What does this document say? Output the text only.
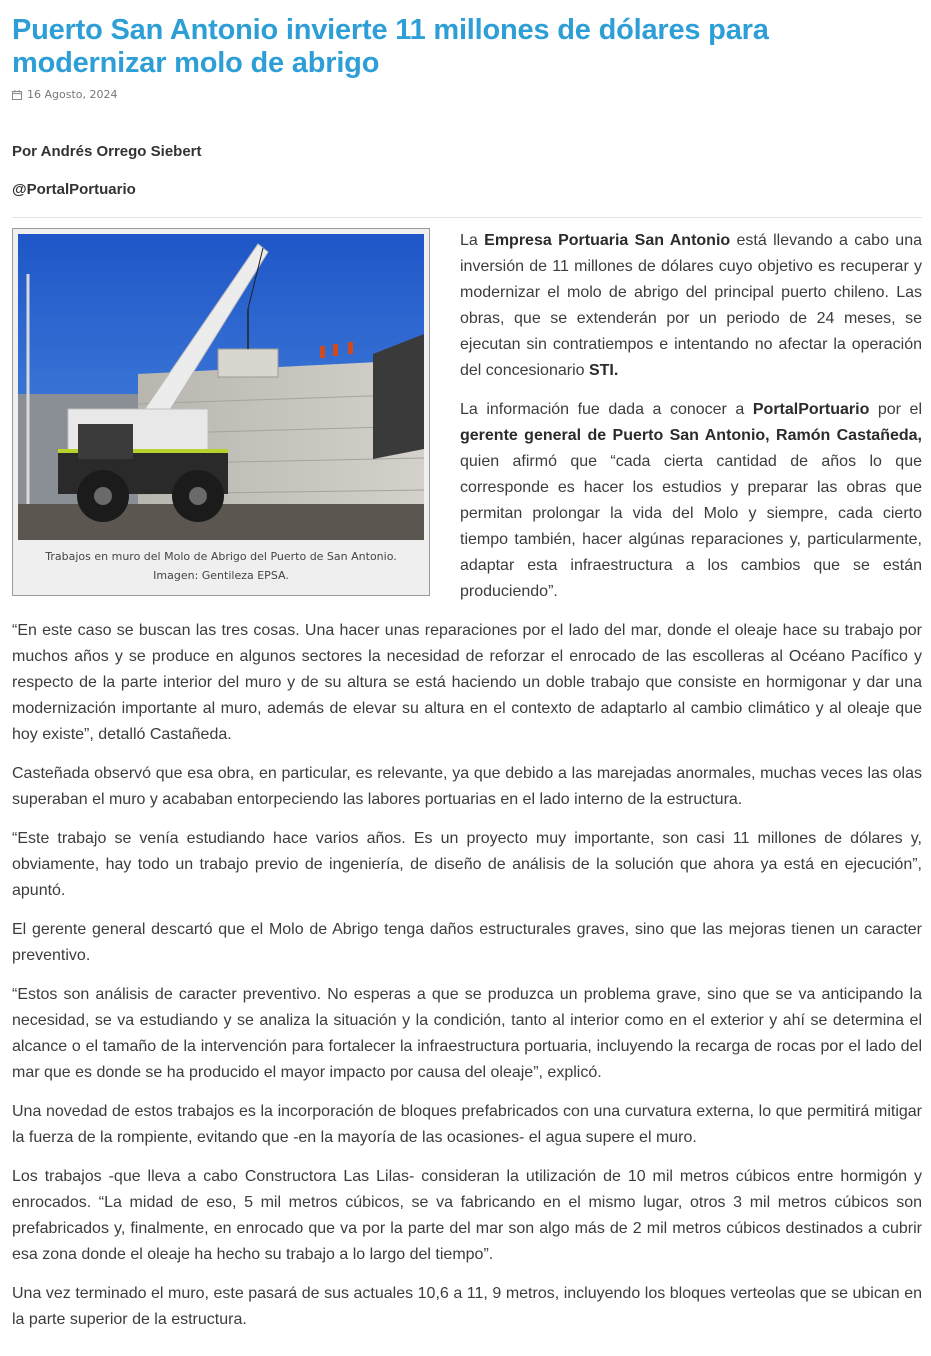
Puerto San Antonio invierte 11 millones de dólares para modernizar molo de abrigo
16 Agosto, 2024

Por Andrés Orrego Siebert

@PortalPortuario

Trabajos en muro del Molo de Abrigo del Puerto de San Antonio. Imagen: Gentileza EPSA.

La Empresa Portuaria San Antonio está llevando a cabo una inversión de 11 millones de dólares cuyo objetivo es recuperar y modernizar el molo de abrigo del principal puerto chileno. Las obras, que se extenderán por un periodo de 24 meses, se ejecutan sin contratiempos e intentando no afectar la operación del concesionario STI.

La información fue dada a conocer a PortalPortuario por el gerente general de Puerto San Antonio, Ramón Castañeda, quien afirmó que “cada cierta cantidad de años lo que corresponde es hacer los estudios y preparar las obras que permitan prolongar la vida del Molo y siempre, cada cierto tiempo también, hacer algúnas reparaciones y, particularmente, adaptar esta infraestructura a los cambios que se están produciendo”.

“En este caso se buscan las tres cosas. Una hacer unas reparaciones por el lado del mar, donde el oleaje hace su trabajo por muchos años y se produce en algunos sectores la necesidad de reforzar el enrocado de las escolleras al Océano Pacífico y respecto de la parte interior del muro y de su altura se está haciendo un doble trabajo que consiste en hormigonar y dar una modernización importante al muro, además de elevar su altura en el contexto de adaptarlo al cambio climático y al oleaje que hoy existe”, detalló Castañeda.

Casteñada observó que esa obra, en particular, es relevante, ya que debido a las marejadas anormales, muchas veces las olas superaban el muro y acababan entorpeciendo las labores portuarias en el lado interno de la estructura.

“Este trabajo se venía estudiando hace varios años. Es un proyecto muy importante, son casi 11 millones de dólares y, obviamente, hay todo un trabajo previo de ingeniería, de diseño de análisis de la solución que ahora ya está en ejecución”, apuntó.

El gerente general descartó que el Molo de Abrigo tenga daños estructurales graves, sino que las mejoras tienen un caracter preventivo.

“Estos son análisis de caracter preventivo. No esperas a que se produzca un problema grave, sino que se va anticipando la necesidad, se va estudiando y se analiza la situación y la condición, tanto al interior como en el exterior y ahí se determina el alcance o el tamaño de la intervención para fortalecer la infraestructura portuaria, incluyendo la recarga de rocas por el lado del mar que es donde se ha producido el mayor impacto por causa del oleaje”, explicó.

Una novedad de estos trabajos es la incorporación de bloques prefabricados con una curvatura externa, lo que permitirá mitigar la fuerza de la rompiente, evitando que -en la mayoría de las ocasiones- el agua supere el muro.

Los trabajos -que lleva a cabo Constructora Las Lilas- consideran la utilización de 10 mil metros cúbicos entre hormigón y enrocados. “La midad de eso, 5 mil metros cúbicos, se va fabricando en el mismo lugar, otros 3 mil metros cúbicos son prefabricados y, finalmente, en enrocado que va por la parte del mar son algo más de 2 mil metros cúbicos destinados a cubrir esa zona donde el oleaje ha hecho su trabajo a lo largo del tiempo”.

Una vez terminado el muro, este pasará de sus actuales 10,6 a 11, 9 metros, incluyendo los bloques verteolas que se ubican en la parte superior de la estructura.
